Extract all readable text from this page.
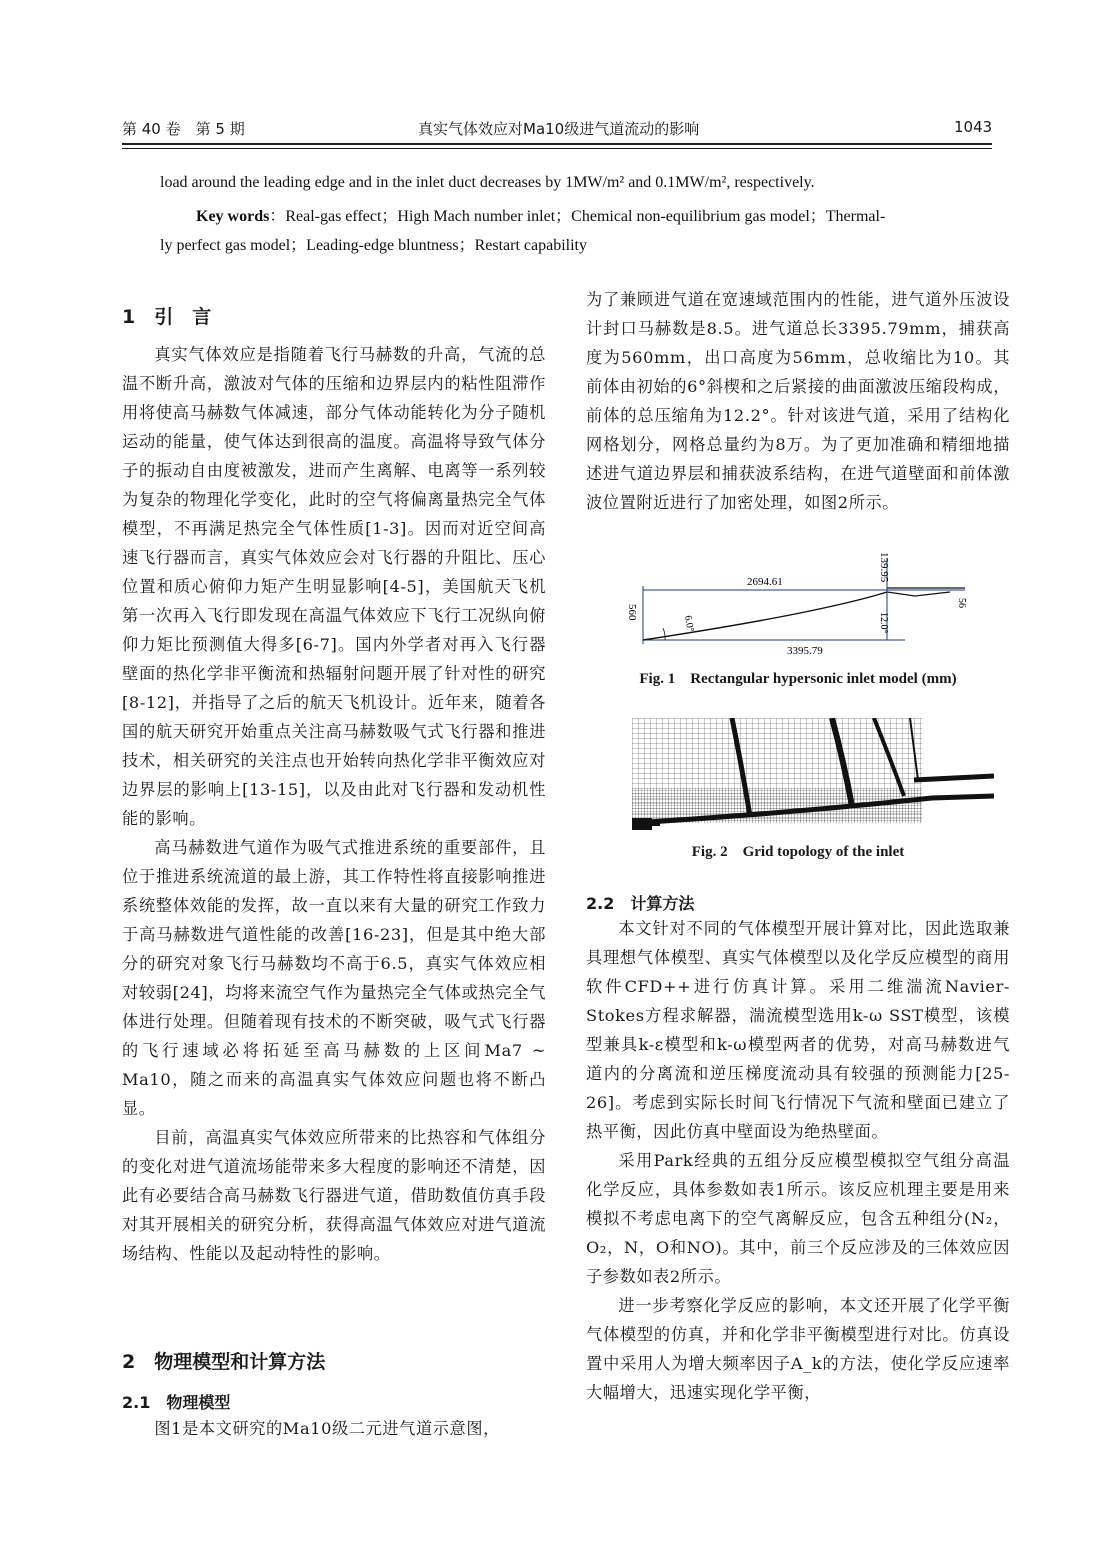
第 40 卷　第 5 期	真实气体效应对Ma10级进气道流动的影响	1043
load around the leading edge and in the inlet duct decreases by 1MW/m² and 0.1MW/m², respectively.
Key words：Real-gas effect；High Mach number inlet；Chemical non-equilibrium gas model；Thermal-
ly perfect gas model；Leading-edge bluntness；Restart capability
1　引　言

真实气体效应是指随着飞行马赫数的升高，气流的总温不断升高，激波对气体的压缩和边界层内的粘性阻滞作用将使高马赫数气体减速，部分气体动能转化为分子随机运动的能量，使气体达到很高的温度。高温将导致气体分子的振动自由度被激发，进而产生离解、电离等一系列较为复杂的物理化学变化，此时的空气将偏离量热完全气体模型，不再满足热完全气体性质[1-3]。因而对近空间高速飞行器而言，真实气体效应会对飞行器的升阻比、压心位置和质心俯仰力矩产生明显影响[4-5]，美国航天飞机第一次再入飞行即发现在高温气体效应下飞行工况纵向俯仰力矩比预测值大得多[6-7]。国内外学者对再入飞行器壁面的热化学非平衡流和热辐射问题开展了针对性的研究[8-12]，并指导了之后的航天飞机设计。近年来，随着各国的航天研究开始重点关注高马赫数吸气式飞行器和推进技术，相关研究的关注点也开始转向热化学非平衡效应对边界层的影响上[13-15]，以及由此对飞行器和发动机性能的影响。

高马赫数进气道作为吸气式推进系统的重要部件，且位于推进系统流道的最上游，其工作特性将直接影响推进系统整体效能的发挥，故一直以来有大量的研究工作致力于高马赫数进气道性能的改善[16-23]，但是其中绝大部分的研究对象飞行马赫数均不高于6.5，真实气体效应相对较弱[24]，均将来流空气作为量热完全气体或热完全气体进行处理。但随着现有技术的不断突破，吸气式飞行器的飞行速域必将拓延至高马赫数的上区间Ma7 ~ Ma10，随之而来的高温真实气体效应问题也将不断凸显。

目前，高温真实气体效应所带来的比热容和气体组分的变化对进气道流场能带来多大程度的影响还不清楚，因此有必要结合高马赫数飞行器进气道，借助数值仿真手段对其开展相关的研究分析，获得高温气体效应对进气道流场结构、性能以及起动特性的影响。

2　物理模型和计算方法
2.1　物理模型

图1是本文研究的Ma10级二元进气道示意图，

为了兼顾进气道在宽速域范围内的性能，进气道外压波设计封口马赫数是8.5。进气道总长3395.79mm，捕获高度为560mm，出口高度为56mm，总收缩比为10。其前体由初始的6°斜楔和之后紧接的曲面激波压缩段构成，前体的总压缩角为12.2°。针对该进气道，采用了结构化网格划分，网格总量约为8万。为了更加准确和精细地描述进气道边界层和捕获波系结构，在进气道壁面和前体激波位置附近进行了加密处理，如图2所示。

2694.61
3395.79
560
139.95
6.0°	12.0°
56
Fig. 1　Rectangular hypersonic inlet model (mm)
Fig. 2　Grid topology of the inlet
2.2　计算方法

本文针对不同的气体模型开展计算对比，因此选取兼具理想气体模型、真实气体模型以及化学反应模型的商用软件CFD++进行仿真计算。采用二维湍流Navier-Stokes方程求解器，湍流模型选用k-ω SST模型，该模型兼具k-ε模型和k-ω模型两者的优势，对高马赫数进气道内的分离流和逆压梯度流动具有较强的预测能力[25-26]。考虑到实际长时间飞行情况下气流和壁面已建立了热平衡，因此仿真中壁面设为绝热壁面。

采用Park经典的五组分反应模型模拟空气组分高温化学反应，具体参数如表1所示。该反应机理主要是用来模拟不考虑电离下的空气离解反应，包含五种组分(N₂，O₂，N，O和NO)。其中，前三个反应涉及的三体效应因子参数如表2所示。

进一步考察化学反应的影响，本文还开展了化学平衡气体模型的仿真，并和化学非平衡模型进行对比。仿真设置中采用人为增大频率因子A_k的方法，使化学反应速率大幅增大，迅速实现化学平衡，
